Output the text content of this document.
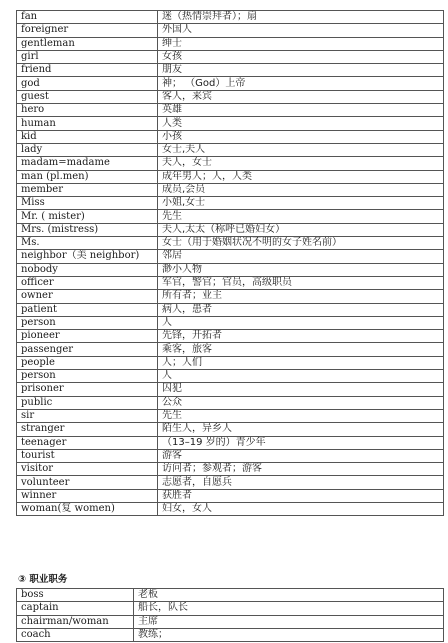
fan	迷（热情崇拜者）；扇
foreigner	外国人
gentleman	绅士
girl	女孩
friend	朋友
god	神； （God）上帝
guest	客人，来宾
hero	英雄
human	人类
kid	小孩
lady	女士,夫人
madam=madame	夫人，女士
man (pl.men)	成年男人；人，人类
member	成员,会员
Miss	小姐,女士
Mr. ( mister)	先生
Mrs. (mistress)	夫人,太太（称呼已婚妇女）
Ms.	女士（用于婚姻状况不明的女子姓名前）
neighbor（美 neighbor)	邻居
nobody	渺小人物
officer	军官，警官；官员，高级职员
owner	所有者；业主
patient	病人，患者
person	人
pioneer	先锋，开拓者
passenger	乘客，旅客
people	人；人们
person	人
prisoner	囚犯
public	公众
sir	先生
stranger	陌生人，异乡人
teenager	（13–19 岁的）青少年
tourist	游客
visitor	访问者；参观者；游客
volunteer	志愿者，自愿兵
winner	获胜者
woman(复 women)	妇女，女人
③ 职业职务
boss	老板
captain	船长，队长
chairman/woman	主席
coach	教练；
